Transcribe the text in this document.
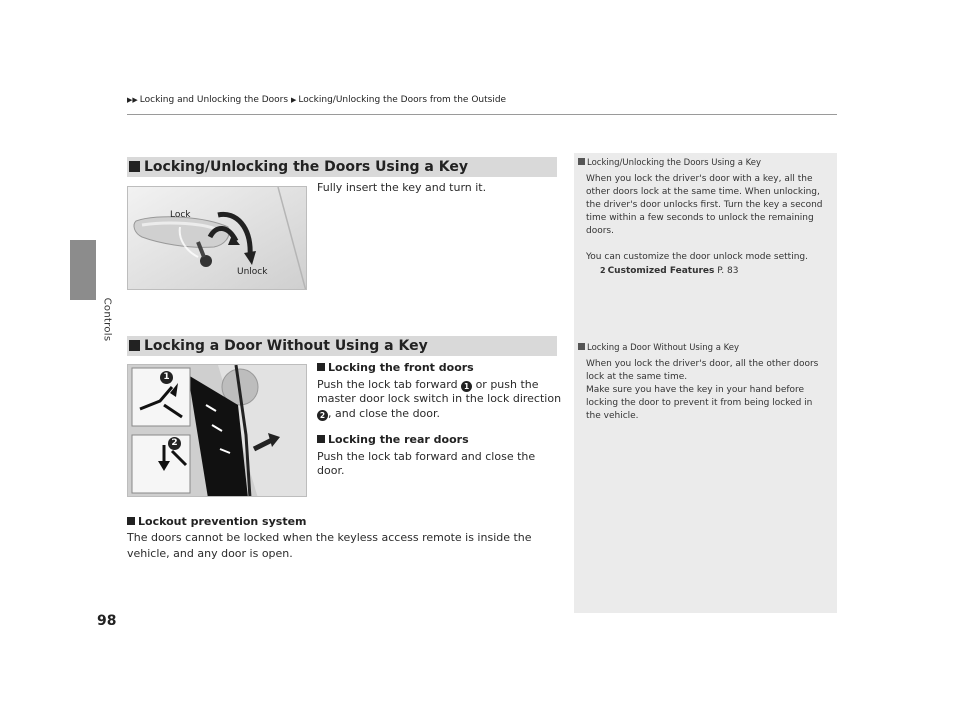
Controls
▶▶ Locking and Unlocking the Doors ▶ Locking/Unlocking the Doors from the Outside
Locking/Unlocking the Doors Using a Key
Lock
Unlock
Fully insert the key and turn it.
Locking a Door Without Using a Key
1
2
Locking the front doors
Push the lock tab forward 1 or push the master door lock switch in the lock direction
2 , and close the door.
Locking the rear doors
Push the lock tab forward and close the door.
Lockout prevention system
The doors cannot be locked when the keyless access remote is inside the vehicle, and any door is open.
Locking/Unlocking the Doors Using a Key
When you lock the driver's door with a key, all the other doors lock at the same time. When unlocking, the driver's door unlocks first. Turn the key a second time within a few seconds to unlock the remaining doors.
You can customize the door unlock mode setting.
2 Customized Features P. 83
Locking a Door Without Using a Key
When you lock the driver's door, all the other doors lock at the same time.
Make sure you have the key in your hand before locking the door to prevent it from being locked in the vehicle.
98
